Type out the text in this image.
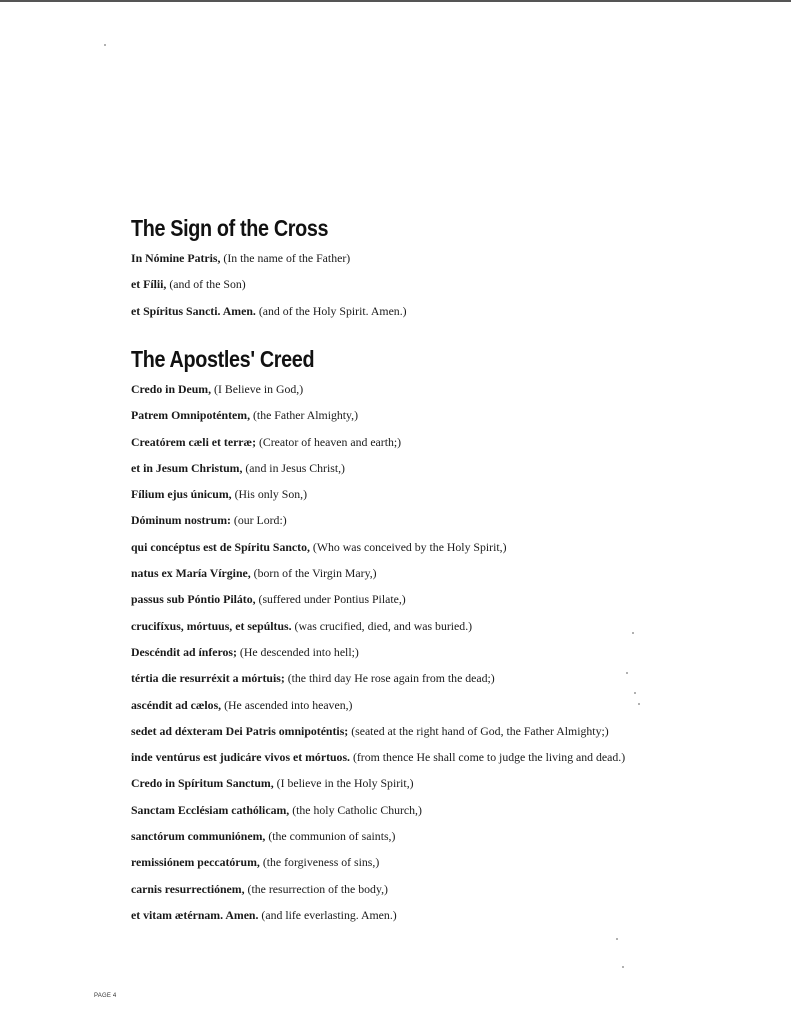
The Sign of the Cross
In Nómine Patris, (In the name of the Father)
et Fílii, (and of the Son)
et Spíritus Sancti. Amen. (and of the Holy Spirit. Amen.)
The Apostles' Creed
Credo in Deum, (I Believe in God,)
Patrem Omnipoténtem, (the Father Almighty,)
Creatórem cæli et terræ; (Creator of heaven and earth;)
et in Jesum Christum, (and in Jesus Christ,)
Fílium ejus únicum, (His only Son,)
Dóminum nostrum: (our Lord:)
qui concéptus est de Spíritu Sancto, (Who was conceived by the Holy Spirit,)
natus ex María Vírgine, (born of the Virgin Mary,)
passus sub Póntio Piláto, (suffered under Pontius Pilate,)
crucifíxus, mórtuus, et sepúltus. (was crucified, died, and was buried.)
Descéndit ad ínferos; (He descended into hell;)
tértia die resurréxit a mórtuis; (the third day He rose again from the dead;)
ascéndit ad cælos, (He ascended into heaven,)
sedet ad déxteram Dei Patris omnipoténtis; (seated at the right hand of God, the Father Almighty;)
inde ventúrus est judicáre vivos et mórtuos. (from thence He shall come to judge the living and dead.)
Credo in Spíritum Sanctum, (I believe in the Holy Spirit,)
Sanctam Ecclésiam cathólicam, (the holy Catholic Church,)
sanctórum communiónem, (the communion of saints,)
remissiónem peccatórum, (the forgiveness of sins,)
carnis resurrectiónem, (the resurrection of the body,)
et vitam ætérnam. Amen. (and life everlasting. Amen.)
PAGE 4
